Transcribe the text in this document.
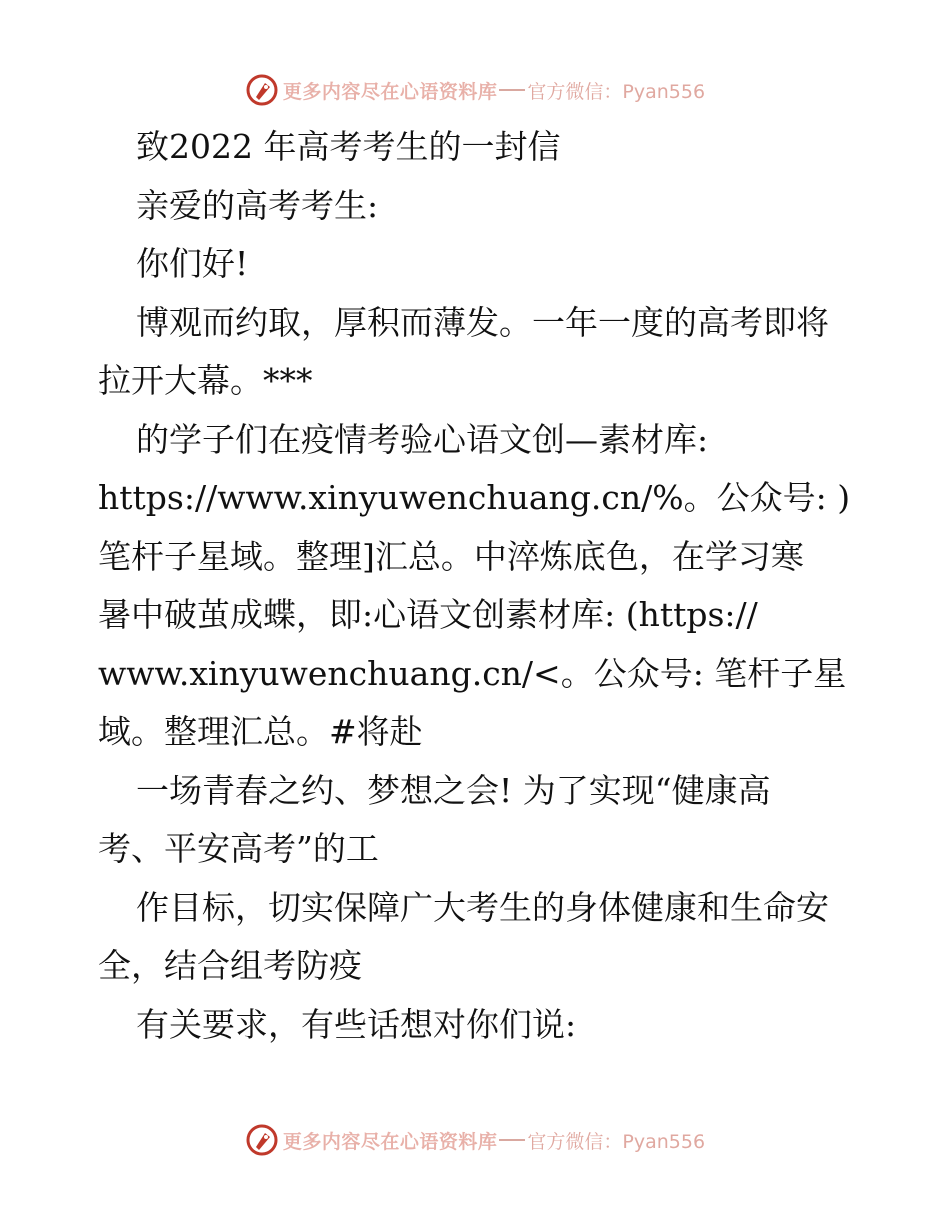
更多内容尽在心语资料库 官方微信：Pyan556
致2022 年高考考生的一封信
亲爱的高考考生:
你们好!
博观而约取，厚积而薄发。一年一度的高考即将
拉开大幕。***
的学子们在疫情考验心语文创—素材库:
https://www.xinyuwenchuang.cn/%。公众号: )
笔杆子星域。整理]汇总。中淬炼底色，在学习寒
暑中破茧成蝶，即:心语文创素材库: (https://
www.xinyuwenchuang.cn/<。公众号: 笔杆子星
域。整理汇总。#将赴
一场青春之约、梦想之会! 为了实现“健康高
考、平安高考”的工
作目标，切实保障广大考生的身体健康和生命安
全，结合组考防疫
有关要求，有些话想对你们说:
更多内容尽在心语资料库 官方微信：Pyan556
